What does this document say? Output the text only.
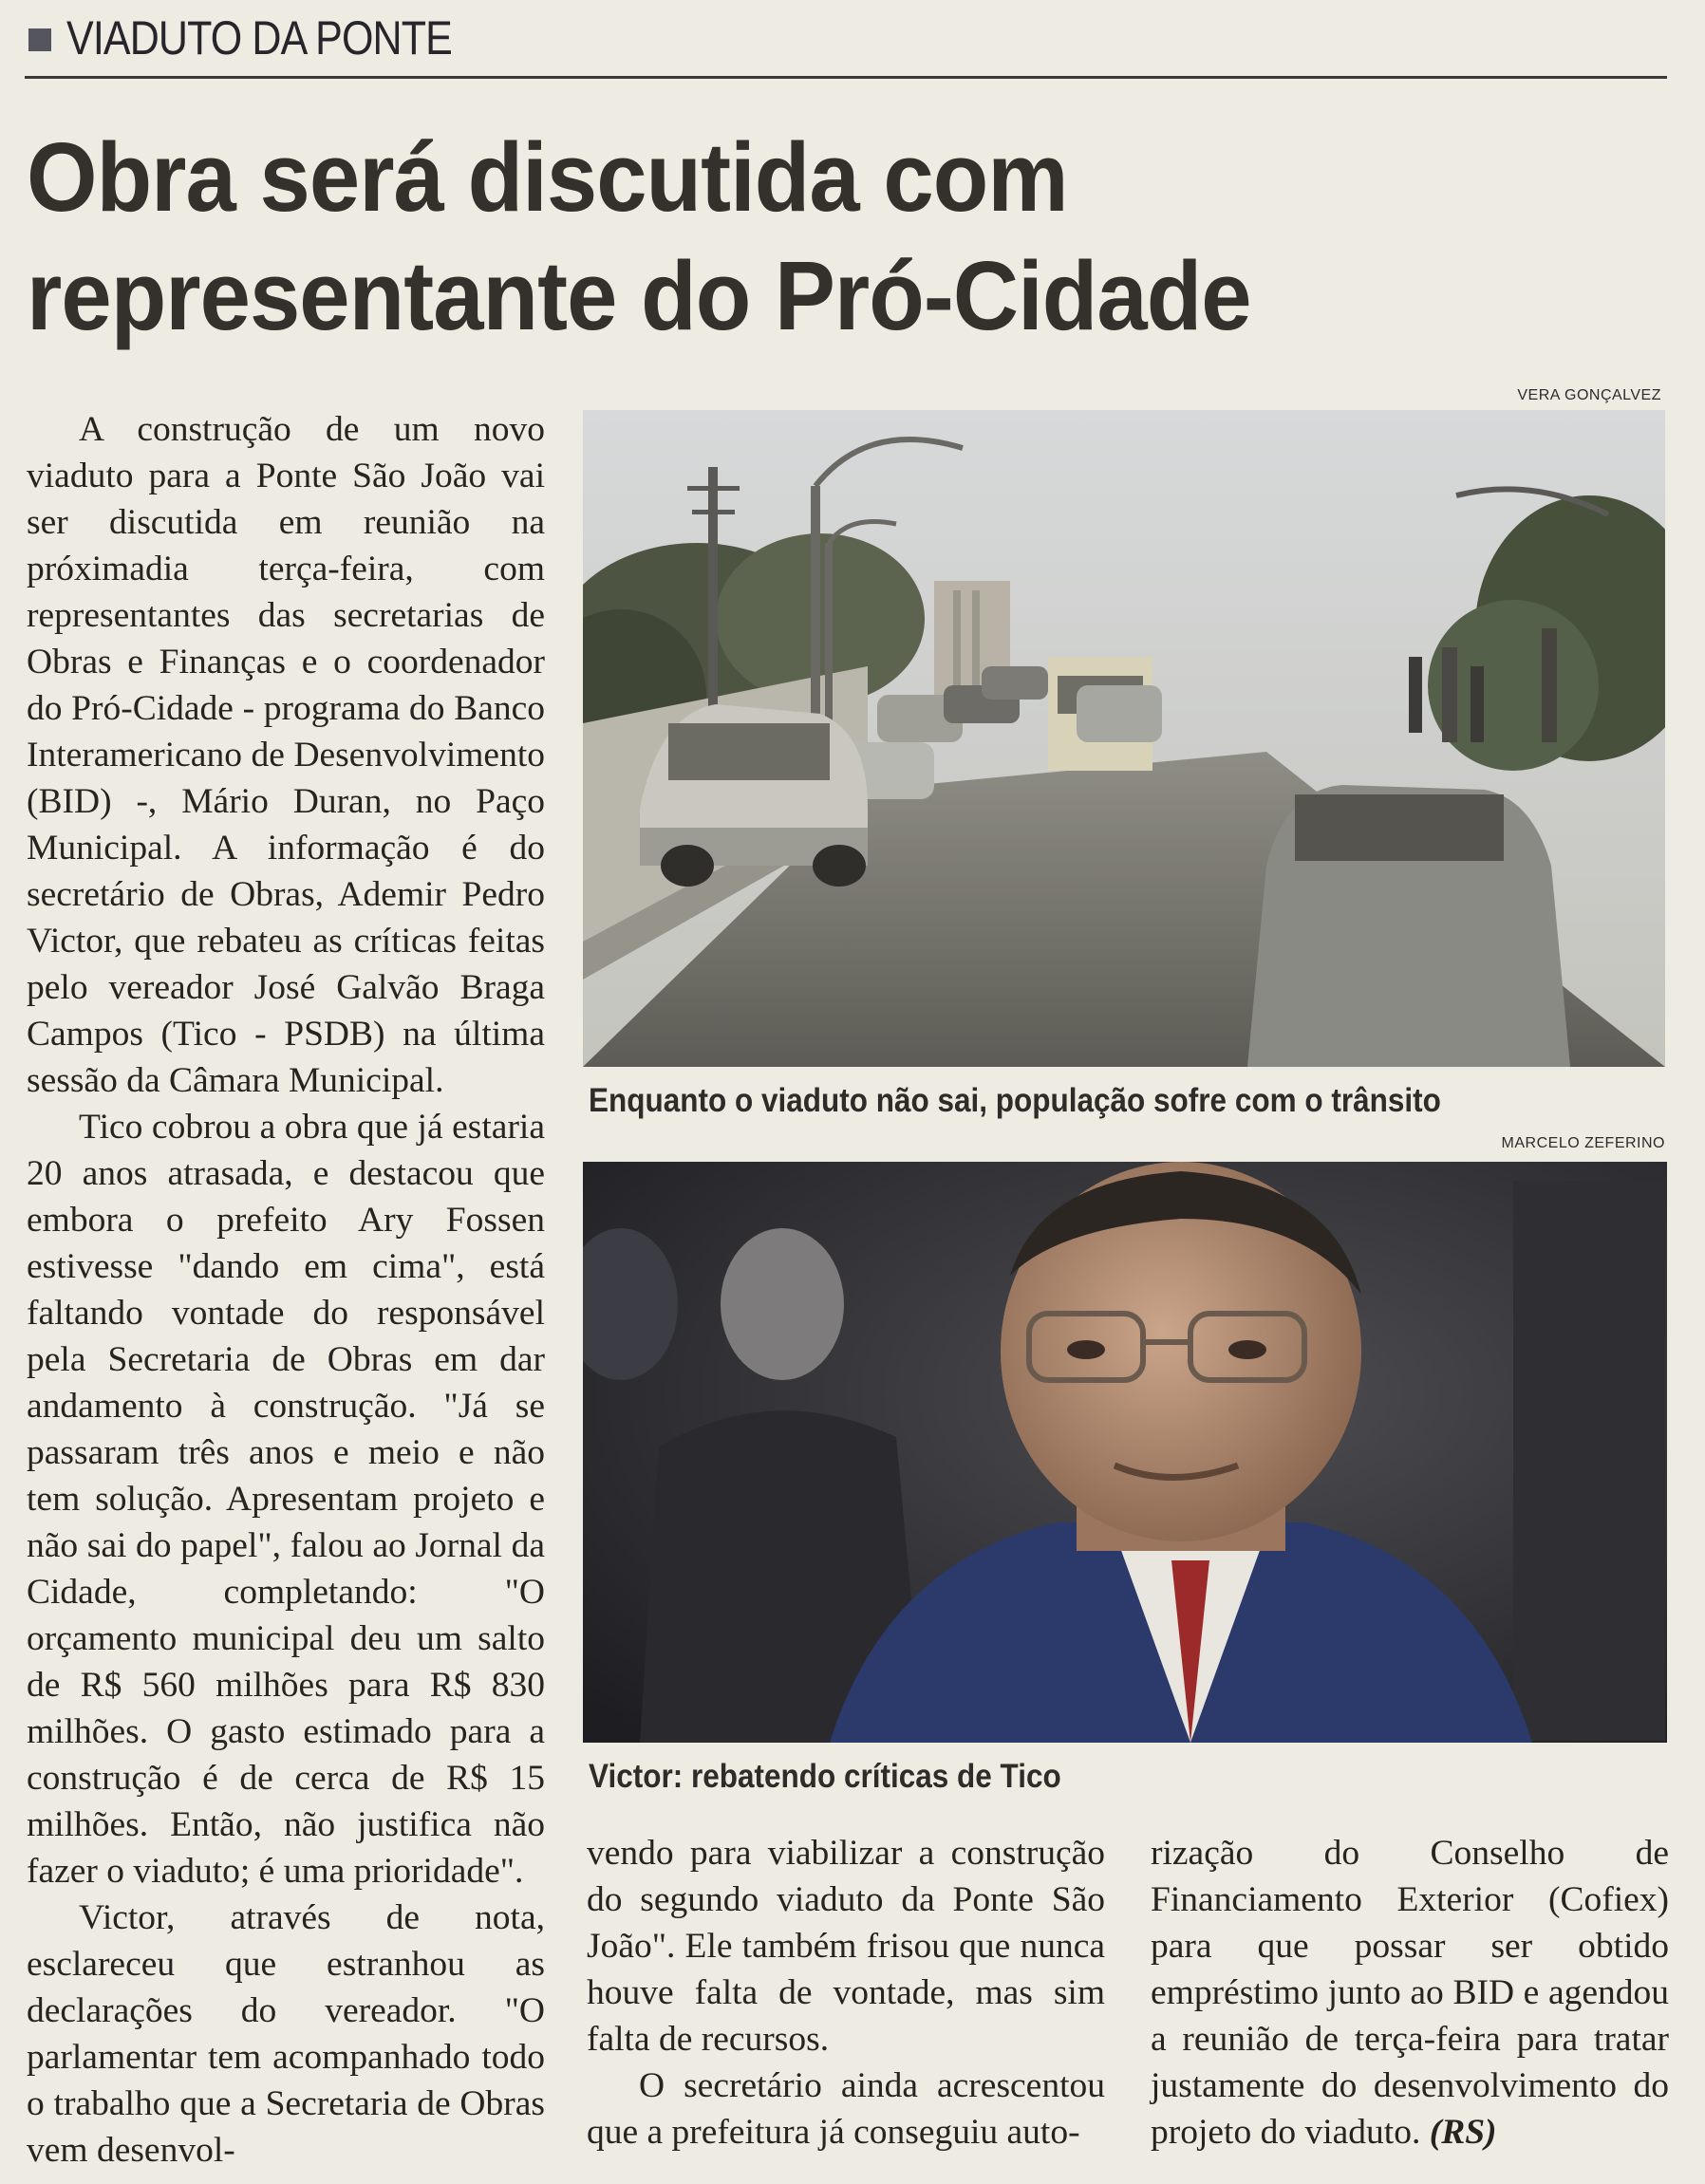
VIADUTO DA PONTE
Obra será discutida com
representante do Pró-Cidade

A construção de um novo viaduto para a Ponte São João vai ser discutida em reunião na próximadia terça-feira, com representantes das secretarias de Obras e Finanças e o coordenador do Pró-Cidade - programa do Banco Interamericano de Desenvolvimento (BID) -, Mário Duran, no Paço Municipal. A informação é do secretário de Obras, Ademir Pedro Victor, que rebateu as críticas feitas pelo vereador José Galvão Braga Campos (Tico - PSDB) na última sessão da Câmara Municipal.

Tico cobrou a obra que já estaria 20 anos atrasada, e destacou que embora o prefeito Ary Fossen estivesse "dando em cima", está faltando vontade do responsável pela Secretaria de Obras em dar andamento à construção. "Já se passaram três anos e meio e não tem solução. Apresentam projeto e não sai do papel", falou ao Jornal da Cidade, completando: "O orçamento municipal deu um salto de R$ 560 milhões para R$ 830 milhões. O gasto estimado para a construção é de cerca de R$ 15 milhões. Então, não justifica não fazer o viaduto; é uma prioridade".

Victor, através de nota, esclareceu que estranhou as declarações do vereador. "O parlamentar tem acompanhado todo o trabalho que a Secretaria de Obras vem desenvol-

VERA GONÇALVEZ
Enquanto o viaduto não sai, população sofre com o trânsito
MARCELO ZEFERINO
Victor: rebatendo críticas de Tico

vendo para viabilizar a construção do segundo viaduto da Ponte São João". Ele também frisou que nunca houve falta de vontade, mas sim falta de recursos.

O secretário ainda acrescentou que a prefeitura já conseguiu auto-

rização do Conselho de Financiamento Exterior (Cofiex) para que possar ser obtido empréstimo junto ao BID e agendou a reunião de terça-feira para tratar justamente do desenvolvimento do projeto do viaduto. (RS)
